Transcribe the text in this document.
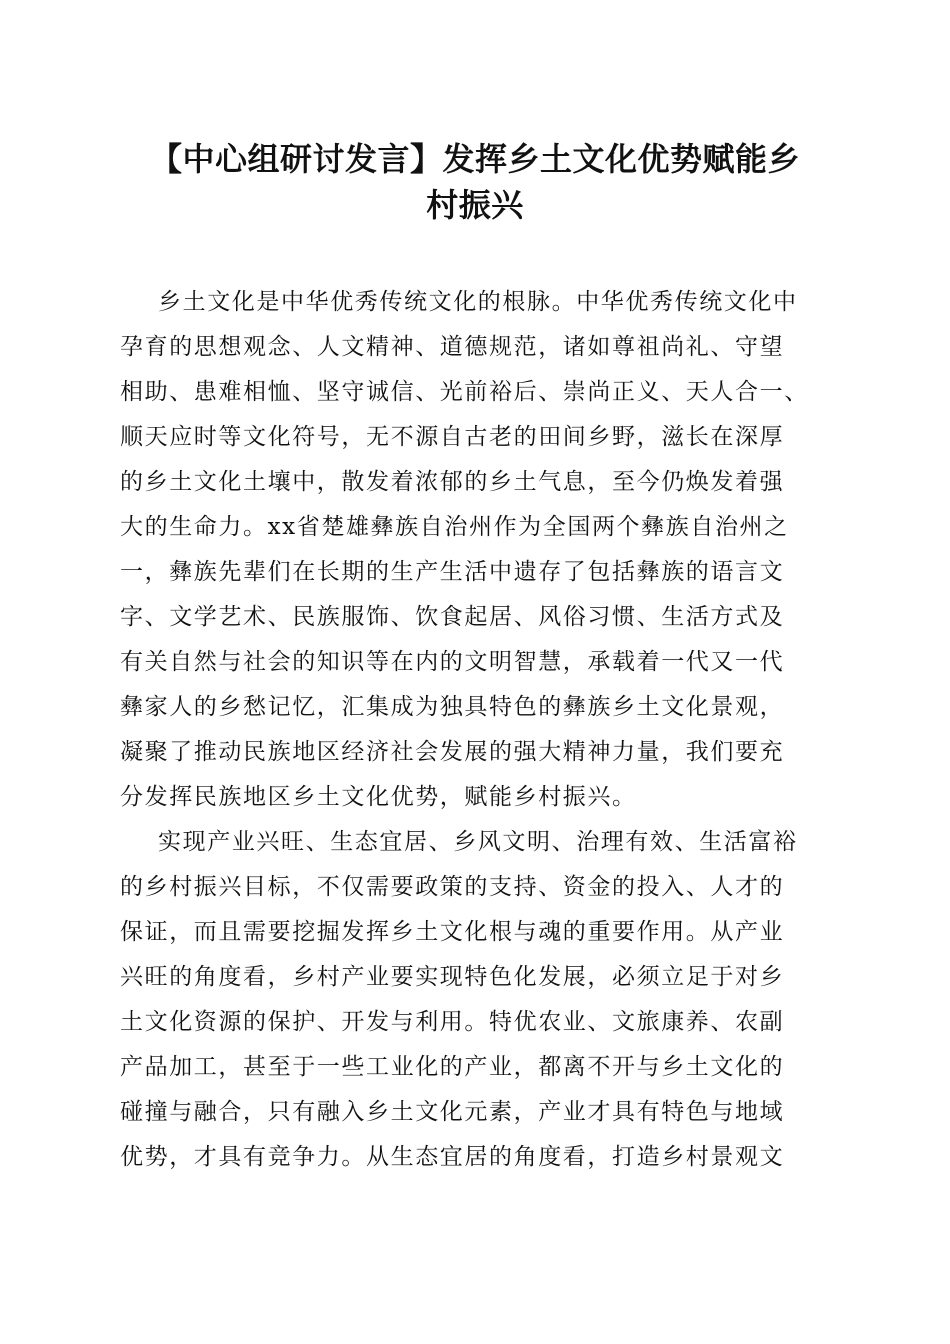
【中心组研讨发言】发挥乡土文化优势赋能乡
村振兴
乡土文化是中华优秀传统文化的根脉。中华优秀传统文化中
孕育的思想观念、人文精神、道德规范，诸如尊祖尚礼、守望
相助、患难相恤、坚守诚信、光前裕后、崇尚正义、天人合一、
顺天应时等文化符号，无不源自古老的田间乡野，滋长在深厚
的乡土文化土壤中，散发着浓郁的乡土气息，至今仍焕发着强
大的生命力。xx省楚雄彝族自治州作为全国两个彝族自治州之
一，彝族先辈们在长期的生产生活中遗存了包括彝族的语言文
字、文学艺术、民族服饰、饮食起居、风俗习惯、生活方式及
有关自然与社会的知识等在内的文明智慧，承载着一代又一代
彝家人的乡愁记忆，汇集成为独具特色的彝族乡土文化景观，
凝聚了推动民族地区经济社会发展的强大精神力量，我们要充
分发挥民族地区乡土文化优势，赋能乡村振兴。
实现产业兴旺、生态宜居、乡风文明、治理有效、生活富裕
的乡村振兴目标，不仅需要政策的支持、资金的投入、人才的
保证，而且需要挖掘发挥乡土文化根与魂的重要作用。从产业
兴旺的角度看，乡村产业要实现特色化发展，必须立足于对乡
土文化资源的保护、开发与利用。特优农业、文旅康养、农副
产品加工，甚至于一些工业化的产业，都离不开与乡土文化的
碰撞与融合，只有融入乡土文化元素，产业才具有特色与地域
优势，才具有竞争力。从生态宜居的角度看，打造乡村景观文
